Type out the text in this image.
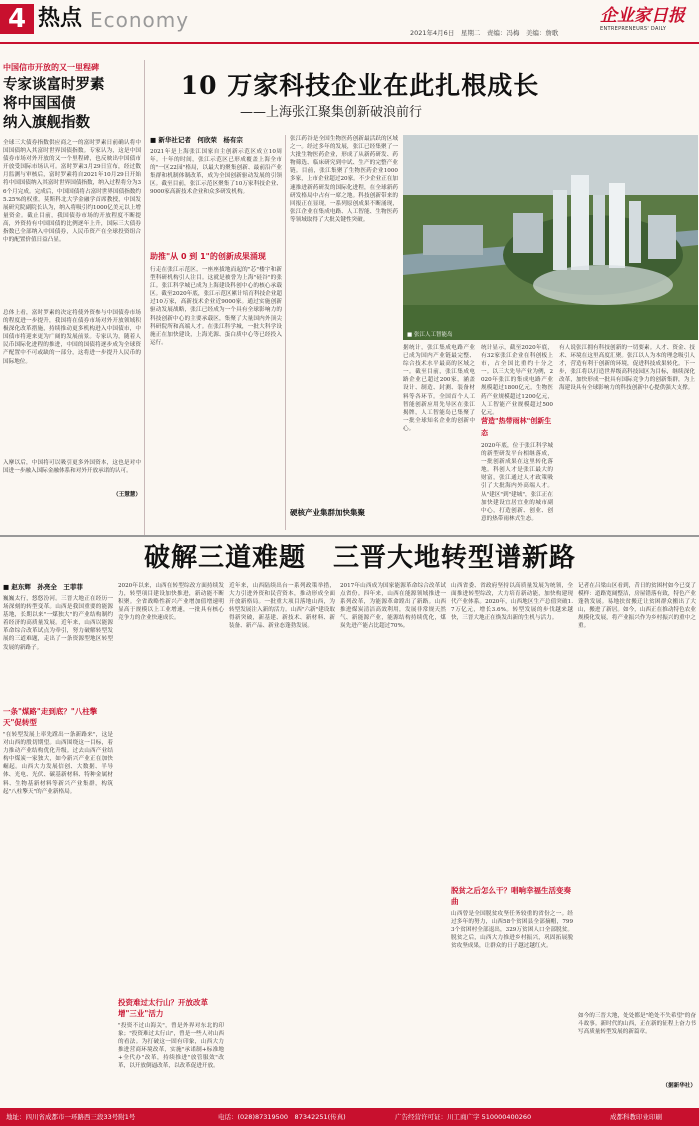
4 热点 Economy
2021年4月6日　星期二　责编：冯梅　美编：詹歌
企业家日报
ENTREPRENEURS' DAILY
中国信市开放的又一里程碑
专家谈富时罗素
将中国国债
纳入旗舰指数
全球三大债券指数供应商之一的富时罗素日前确认将中国国债纳入其富时世界国债指数。专家认为，这是中国债券市场对外开放的又一个里程碑，也反映出中国债市开放受国际市场认可。富时罗素3月29日宣布，经过数月监测与审核后，富时罗素将自2021年10月29日开始将中国国债纳入其富时世界国债指数，纳入过程将分为36个月完成。完成后，中国国债将占富时世界国债指数约5.25%的权重。莫斯科北大学金融学首席教授，中国发展研究院副院长认为，纳入将吸引约1000亿美元以上增量资金。截止目前，我国债券市场的开放程度不断提高，外资持有中国国债的比例逐年上升，国际三大债券指数已全部纳入中国债券，人民币资产在全球投资组合中的配置价值日益凸显。
总体上看，富时罗素的决定将使外资参与中国债券市场的程度进一步提升，我国将在债券市场对外开放领域积极深化改革措施，持续推动更多机构进入中国债市，中国债市将迎来更为广阔的发展前景。专家认为，随着人民币国际化进程的推进，中国的国债将逐步成为全球资产配置中不可或缺的一部分，这将进一步提升人民币的国际地位。
入摩以后，中国将可以吸引更多外国资本，这也是对中国进一步融入国际金融体系和对外开放承诺的认可。
（王慧慧）
10 万家科技企业在此扎根成长
——上海张江聚集创新破浪前行
■ 新华社记者　何欣荣　杨有宗
2021年是上海张江国家自主创新示范区成立10周年。十年的时间，张江示范区已形成覆盖上海全市的"一区22园"格局，以最大的聚集创新、最前沿产业集群和机制体制改革，成为全国创新驱动发展的引领区。截至目前，张江示范区聚集了10万家科技企业、9000家高新技术企业和众多研发机构。
助推"从 0 到 1"的创新成果涌现
行走在张江示范区，一座座拔地而起的"芯"楼宇和新型科研机构引人注目。这就是被誉为上海"硅谷"的张江。张江科学城已成为上海建设科创中心的核心承载区。截至2020年底，张江示范区累计培育科技企业超过10万家，高新技术企业近9000家。通过实施创新驱动发展战略，张江已经成为一个具有全球影响力的科技创新中心的主要承载区，集聚了大量国内外顶尖科研院所和高端人才。在张江科学城，一批大科学设施正在加快建设，上海光源、蛋白质中心等已经投入运行。
张江药谷是全国生物医药创新最活跃的区域之一。经过多年的发展，张江已经集聚了一大批生物医药企业，形成了从新药研发、药物筛选、临床研究到中试、生产的完整产业链。目前，张江集聚了生物医药企业1000多家，上市企业超过20家。不少企业正在加速推进新药研发的国际化进程，在全球新药研发格局中占有一席之地。科技创新带来的回报正在显现，一系列原创成果不断涌现，张江企业在集成电路、人工智能、生物医药等领域取得了大批关键性突破。
硬核产业集群加快集聚
■ 张江人工智能岛
据统计，张江集成电路产业已成为国内产业链最完整、综合技术水平最高的区域之一。截至目前，张江集成电路企业已超过200家，涵盖设计、制造、封测、装备材料等各环节。全国首个人工智能创新应用先导区在张江揭牌，人工智能岛已集聚了一批全球知名企业的创新中心。
统计显示，截至2020年底，有32家张江企业在科创板上市，占全国比重约十分之一。以三大先导产业为例，2020年张江的集成电路产业规模超过1800亿元，生物医药产业规模超过1200亿元，人工智能产业规模超过500亿元。
营造"热带雨林"创新生态
2020年底，位于张江科学城的新型研发平台相继落成，一批创新成果在这里转化落地。科创人才是张江最大的财富，张江通过人才政策吸引了大批海内外高端人才。从"建区"到"建城"，张江正在加快建设宜居宜业的城市副中心，打造创新、创业、创意的热带雨林式生态。
有人说张江拥有科技创新的一切要素。人才、资金、技术、环境在这里高度汇聚。张江以人为本的理念吸引人才，营造有利于创新的环境，促进科技成果转化。下一步，张江将以打造世界级高科技园区为目标，继续深化改革，加快形成一批具有国际竞争力的创新集群，为上海建设具有全球影响力的科技创新中心提供强大支撑。
破解三道难题　三晋大地转型谱新路
■ 赵东辉　孙亮全　王菲菲
巍巍太行，悠悠汾河。三晋大地正在经历一场深刻的转型变革。山西是我国重要的能源基地，长期以来"一煤独大"的产业结构制约着经济的高质量发展。近年来，山西以能源革命综合改革试点为牵引，努力破解转型发展的三道难题，走出了一条资源型地区转型发展的新路子。
一条"煤路"走到底？"八柱擎天"促转型
"在转型发展上率先蹚出一条新路来"，这是对山西的殷切期望。山西围绕这一目标，着力推动产业结构优化升级。过去山西产业结构中煤炭一家独大，如今新兴产业正在加快崛起。山西大力发展信创、大数据、半导体、光电、光伏、碳基新材料、特种金属材料、生物基新材料等新兴产业集群，构筑起"八柱擎天"的产业新格局。
2020年以来，山西在转型综改方面持续发力，转型项目建设加快推进，新动能不断积聚。全省战略性新兴产业增加值增速明显高于规模以上工业增速，一批具有核心竞争力的企业快速成长。
投资难过太行山？开放改革增"三业"活力
"投资不过山海关"，曾是外界对东北的印象；"投资难过太行山"，曾是一些人对山西的看法。为打破这一固有印象，山西大力推进营商环境改革，实施"承诺制+标准地+全代办"改革，持续推进"放管服效"改革，以开放倒逼改革，以改革促进开放。
近年来，山西陆续出台一系列政策举措，大力引进外资和民营资本，推动形成全面开放新格局。一批重大项目落地山西，为转型发展注入新的活力。山西"六新"建设取得新突破，新基建、新技术、新材料、新装备、新产品、新业态蓬勃发展。
2017年山西成为国家能源革命综合改革试点省份。四年来，山西在能源领域推进一系列改革，为能源革命蹚出了新路。山西推进煤炭清洁高效利用，发展非常规天然气、新能源产业，能源结构持续优化，煤炭先进产能占比超过70%。
山西省委、省政府坚持以高质量发展为统领，全面推进转型综改，大力培育新动能，加快构建现代产业体系。2020年，山西地区生产总值突破1.7万亿元，增长3.6%。转型发展的步伐越来越快，三晋大地正在焕发出新的生机与活力。
脱贫之后怎么干？唱响幸福生活变奏曲
山西曾是全国脱贫攻坚任务较重的省份之一。经过多年的努力，山西58个贫困县全部摘帽，7993个贫困村全部退出，329万贫困人口全部脱贫。脱贫之后，山西大力推进乡村振兴，巩固拓展脱贫攻坚成果，让群众的日子越过越红火。
记者在吕梁山区看到，昔日的贫困村如今已变了模样：道路宽阔整洁，房屋错落有致，特色产业蓬勃发展。易地扶贫搬迁让贫困群众搬出了大山，搬进了新居。如今，山西正在推动特色农业规模化发展，将产业振兴作为乡村振兴的重中之重。
如今的三晋大地，处处都是"绝处不失希望"的奋斗故事。新时代的山西，正在新的征程上奋力书写高质量转型发展的新篇章。
（据新华社）
地址：四川省成都市一环路西三段33号附1号	电话：(028)87319500　87342251(传真)	广告经营许可证：川工商广字 510000400260	成都科教印业印刷
